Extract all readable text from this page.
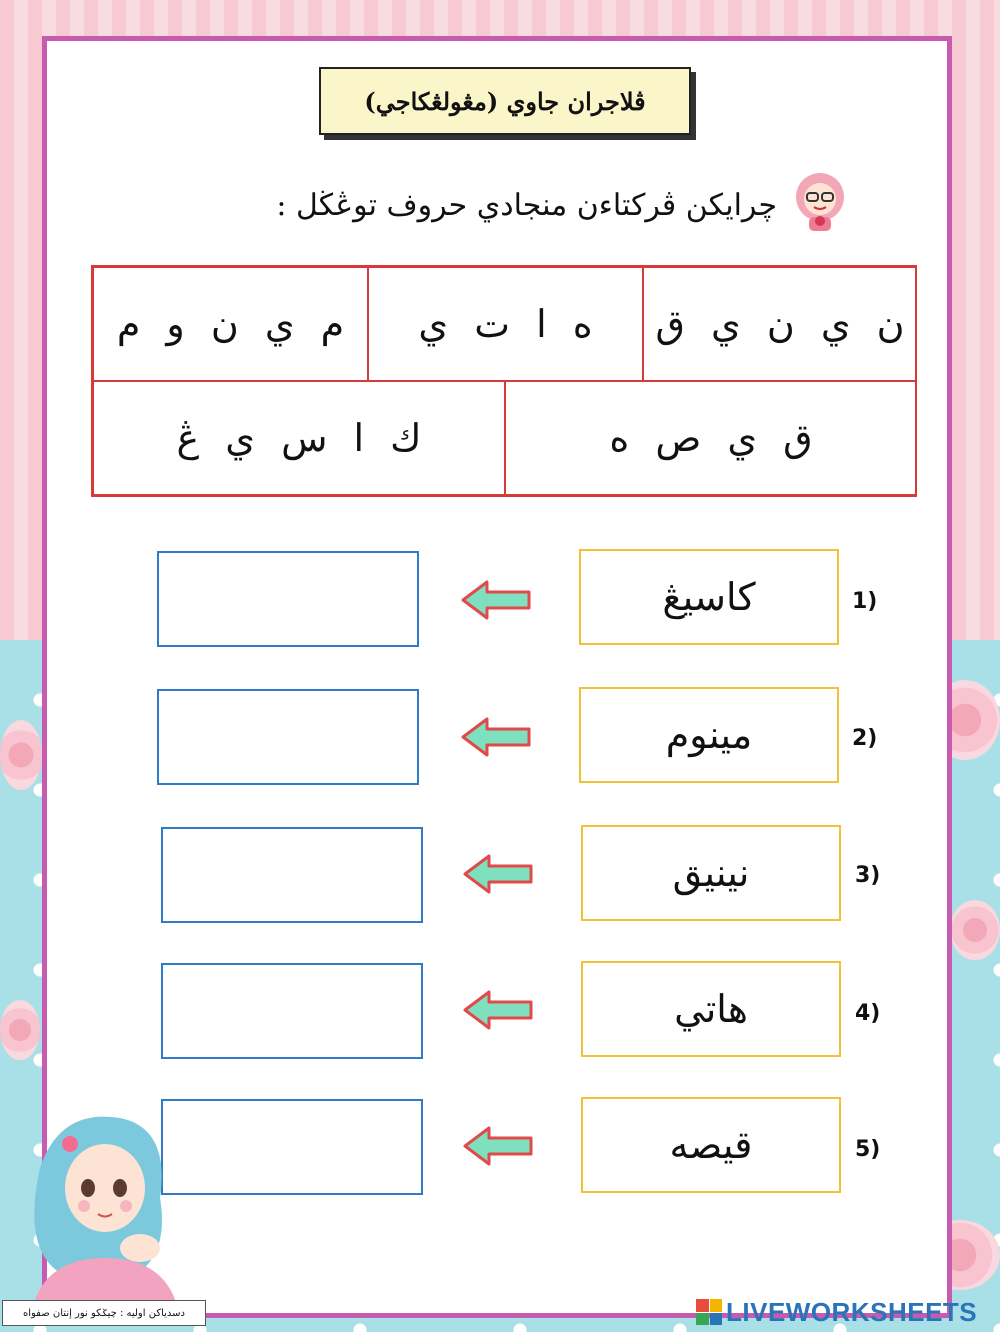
ڤلاجران جاوي (مڠولڠكاجي)
چرايكن ڤركتاءن منجادي حروف توڠڬل :
ن ي ن ي ق
ه ا ت ي
م ي ن و م
ق ي ص ه
ك ا س ي ڠ
1)
كاسيڠ
2)
مينوم
3)
نينيق
4)
هاتي
5)
قيصه
دسدياكن اوليه : چيݢكو نور إنتان صفواه	LIVEWORKSHEETS
